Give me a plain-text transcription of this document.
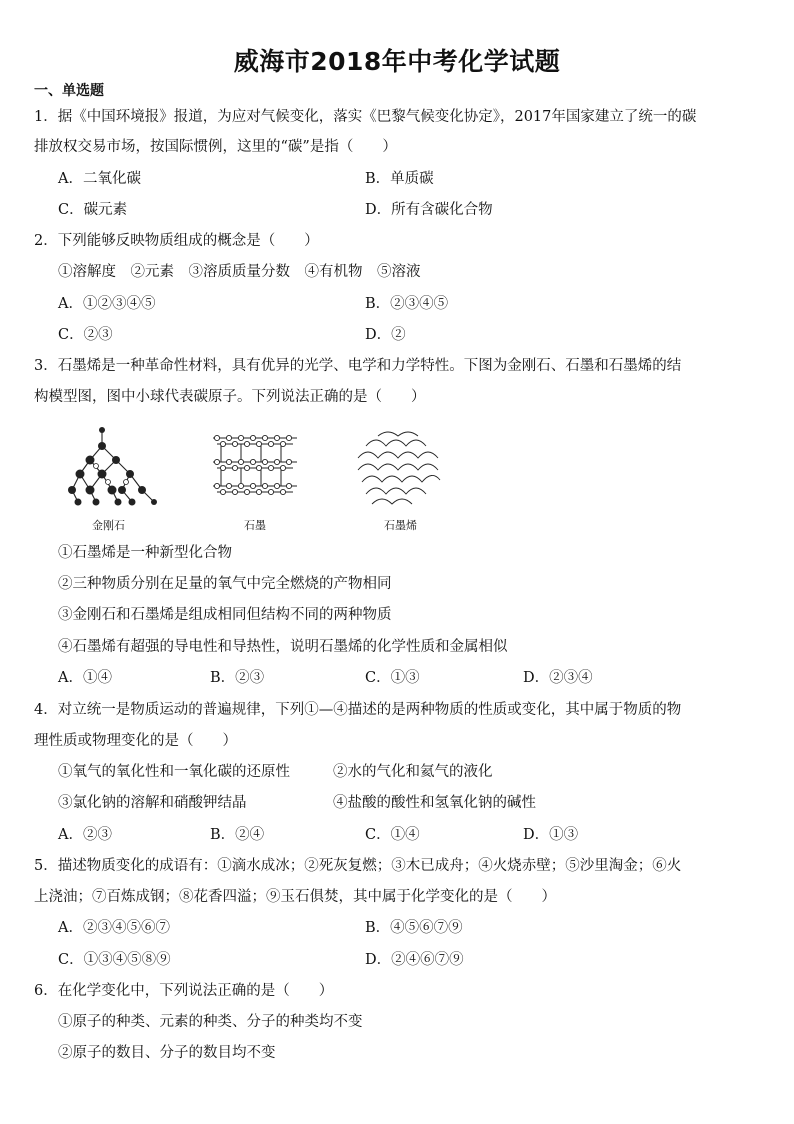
威海市2018年中考化学试题
一、单选题
1．据《中国环境报》报道，为应对气候变化，落实《巴黎气候变化协定》，2017年国家建立了统一的碳
排放权交易市场，按国际惯例，这里的“碳”是指（　　）
A．二氧化碳	B．单质碳
C．碳元素	D．所有含碳化合物
2．下列能够反映物质组成的概念是（　　）
①溶解度　②元素　③溶质质量分数　④有机物　⑤溶液
A．①②③④⑤	B．②③④⑤
C．②③	D．②
3．石墨烯是一种革命性材料，具有优异的光学、电学和力学特性。下图为金刚石、石墨和石墨烯的结
构模型图，图中小球代表碳原子。下列说法正确的是（　　）
金刚石	石墨	石墨烯
①石墨烯是一种新型化合物
②三种物质分别在足量的氧气中完全燃烧的产物相同
③金刚石和石墨烯是组成相同但结构不同的两种物质
④石墨烯有超强的导电性和导热性，说明石墨烯的化学性质和金属相似
A．①④	B．②③	C．①③	D．②③④
4．对立统一是物质运动的普遍规律，下列①—④描述的是两种物质的性质或变化，其中属于物质的物
理性质或物理变化的是（　　）
①氧气的氧化性和一氧化碳的还原性	②水的气化和氦气的液化
③氯化钠的溶解和硝酸钾结晶	④盐酸的酸性和氢氧化钠的碱性
A．②③	B．②④	C．①④	D．①③
5．描述物质变化的成语有：①滴水成冰；②死灰复燃；③木已成舟；④火烧赤壁；⑤沙里淘金；⑥火
上浇油；⑦百炼成钢；⑧花香四溢；⑨玉石俱焚，其中属于化学变化的是（　　）
A．②③④⑤⑥⑦	B．④⑤⑥⑦⑨
C．①③④⑤⑧⑨	D．②④⑥⑦⑨
6．在化学变化中，下列说法正确的是（　　）
①原子的种类、元素的种类、分子的种类均不变
②原子的数目、分子的数目均不变
